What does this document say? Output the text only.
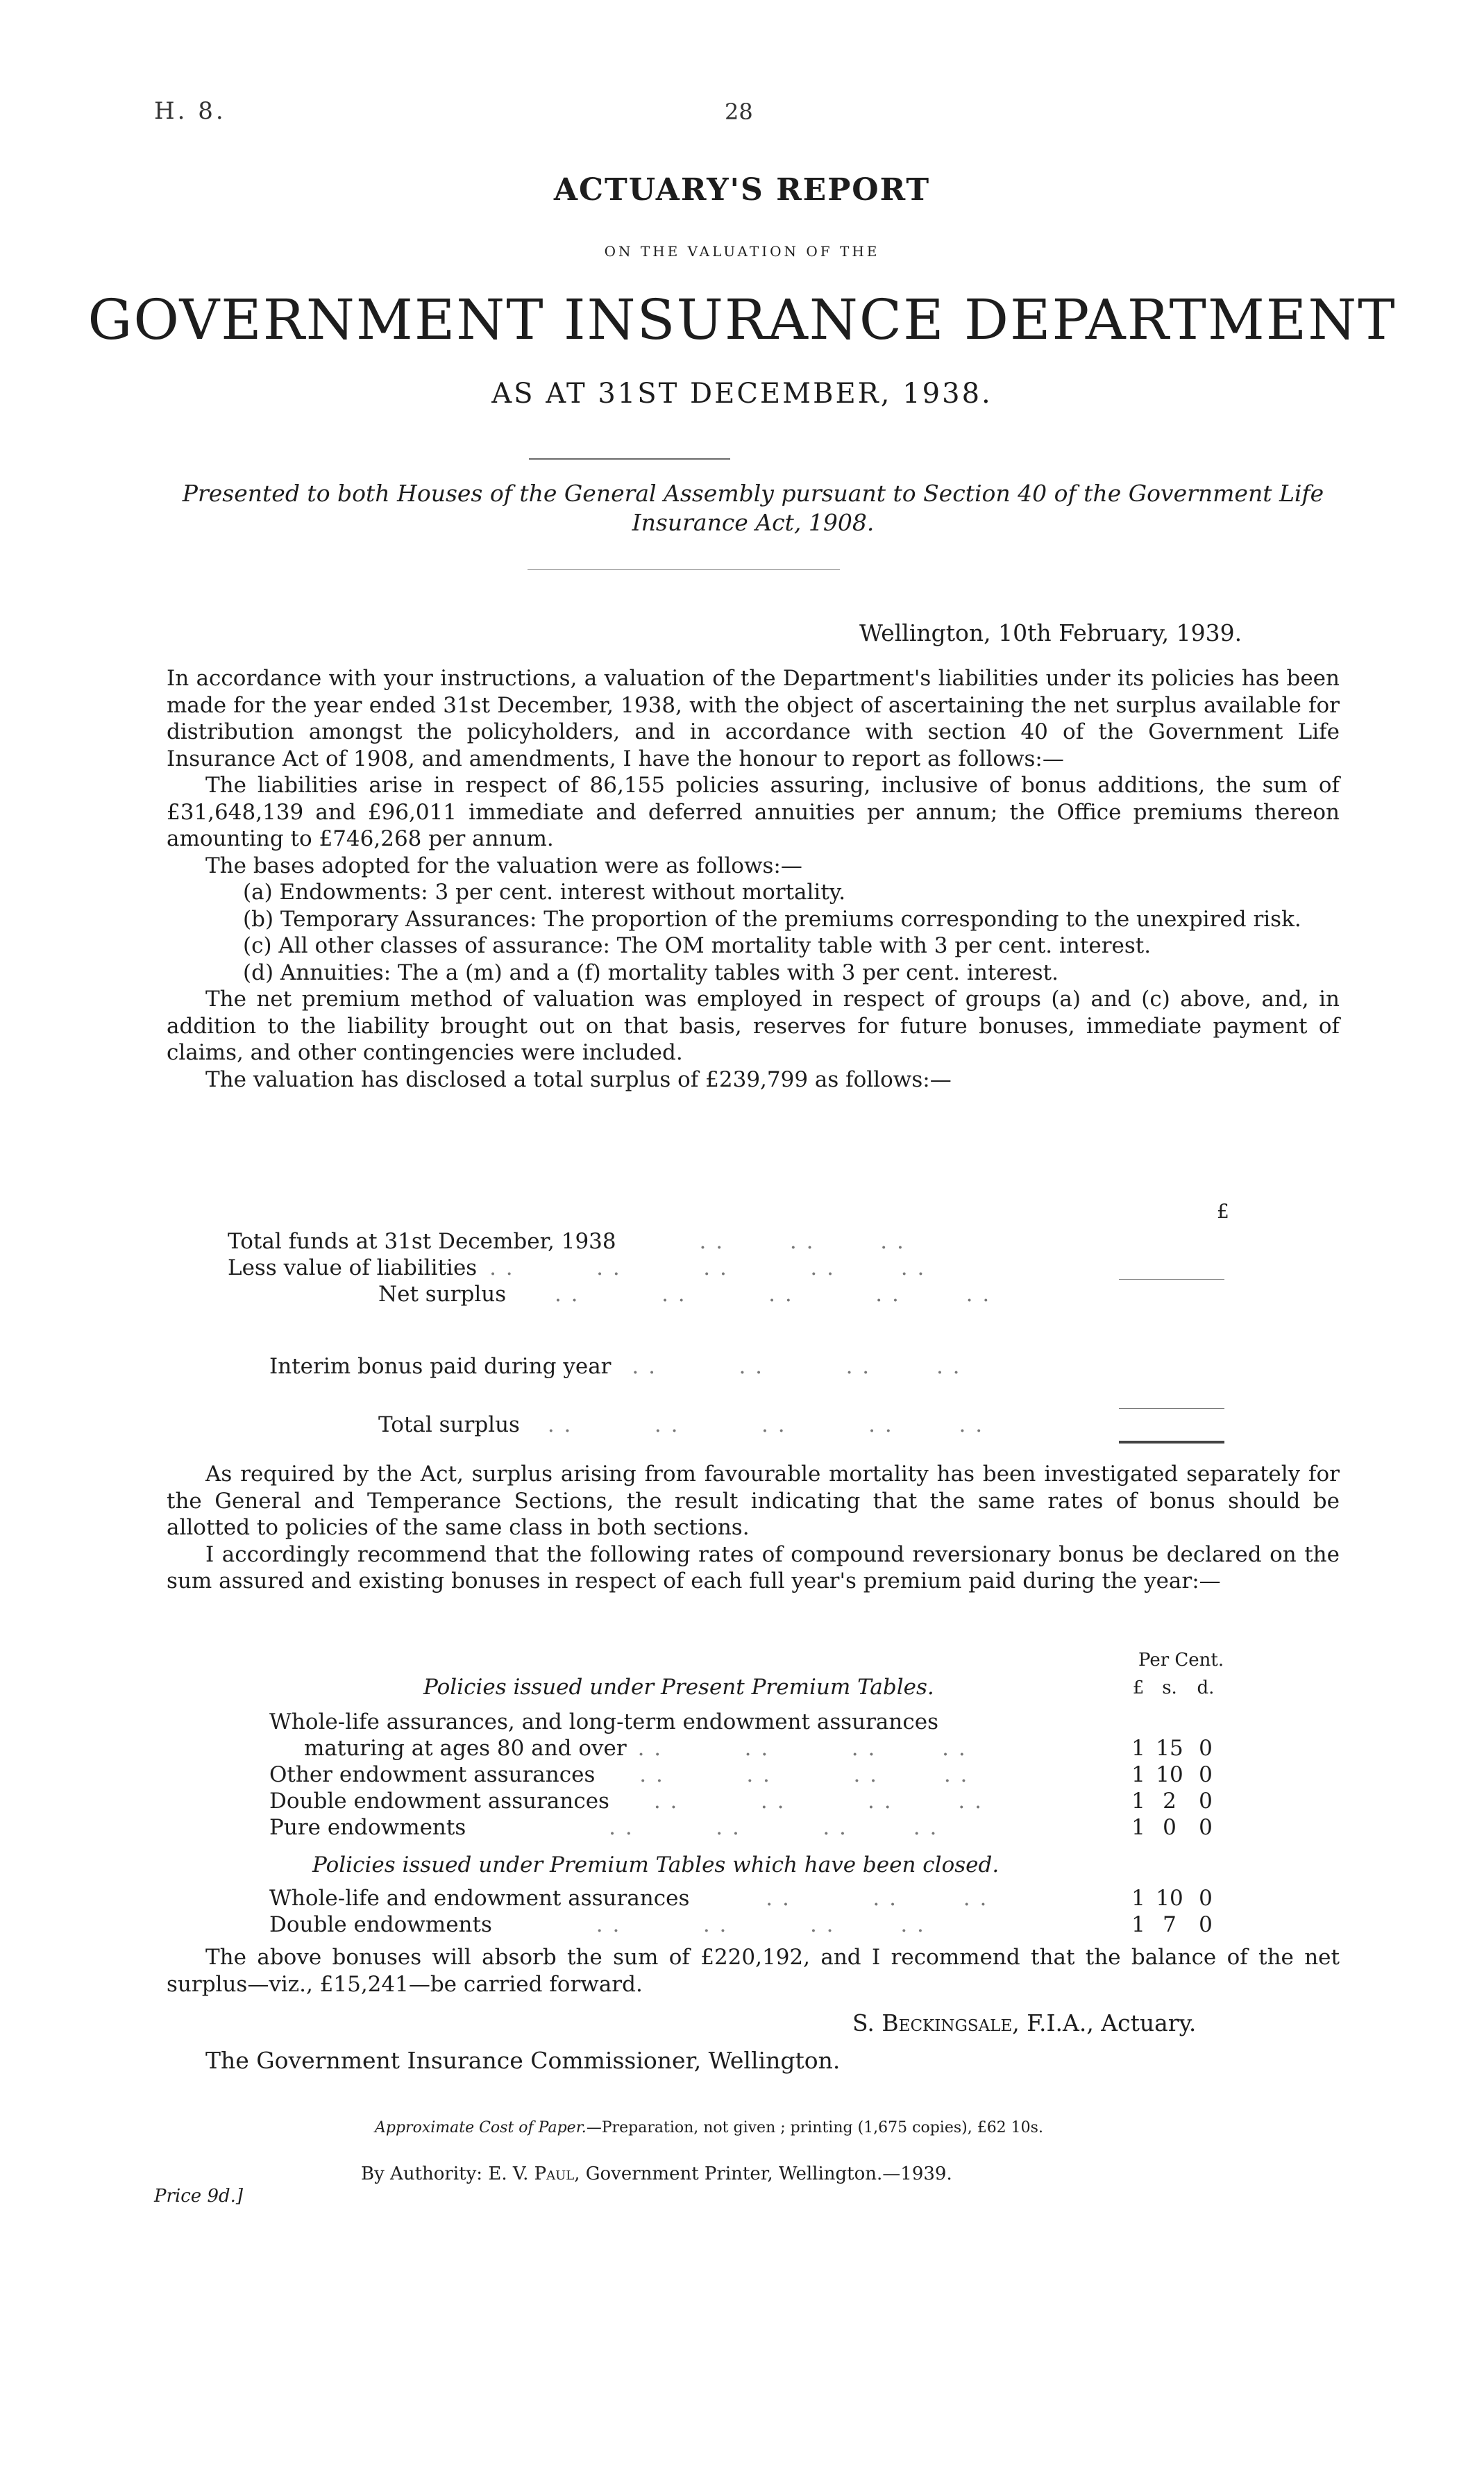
H. 8.	28
ACTUARY'S REPORT
ON THE VALUATION OF THE
GOVERNMENT INSURANCE DEPARTMENT
AS AT 31ST DECEMBER, 1938.
Presented to both Houses of the General Assembly pursuant to Section 40 of the Government Life Insurance Act, 1908.
Wellington, 10th February, 1939.

In accordance with your instructions, a valuation of the Department's liabilities under its policies has been made for the year ended 31st December, 1938, with the object of ascertaining the net surplus available for distribution amongst the policyholders, and in accordance with section 40 of the Government Life Insurance Act of 1908, and amendments, I have the honour to report as follows:—

The liabilities arise in respect of 86,155 policies assuring, inclusive of bonus additions, the sum of £31,648,139 and £96,011 immediate and deferred annuities per annum; the Office premiums thereon amounting to £746,268 per annum.

The bases adopted for the valuation were as follows:—

(a) Endowments: 3 per cent. interest without mortality.

(b) Temporary Assurances: The proportion of the premiums corresponding to the unexpired risk.

(c) All other classes of assurance: The OM mortality table with 3 per cent. interest.

(d) Annuities: The a (m) and a (f) mortality tables with 3 per cent. interest.

The net premium method of valuation was employed in respect of groups (a) and (c) above, and, in addition to the liability brought out on that basis, reserves for future bonuses, immediate payment of claims, and other contingencies were included.

The valuation has disclosed a total surplus of £239,799 as follows:—

£
Total funds at 31st December, 1938	. .        . .        . .
Less value of liabilities . .          . .          . .          . .        . .
Net surplus . .          . .          . .          . .        . .
Interim bonus paid during year . .          . .          . .        . .
Total surplus . .          . .          . .          . .        . .

As required by the Act, surplus arising from favourable mortality has been investigated separately for the General and Temperance Sections, the result indicating that the same rates of bonus should be allotted to policies of the same class in both sections.

I accordingly recommend that the following rates of compound reversionary bonus be declared on the sum assured and existing bonuses in respect of each full year's premium paid during the year:—

Per Cent.
Policies issued under Present Premium Tables.	£ s.	d.
Whole-life assurances, and long-term endowment assurances
maturing at ages 80 and over . .          . .          . .        . .	1 15 0
Other endowment assurances . .          . .          . .        . .	1 10 0
Double endowment assurances . .          . .          . .        . .	1 2	0
Pure endowments	. .          . .          . .        . .	1 0	0
Policies issued under Premium Tables which have been closed.
Whole-life and endowment assurances	. .          . .        . .	1 10 0
Double endowments	. .          . .          . .        . .	1 7	0

The above bonuses will absorb the sum of £220,192, and I recommend that the balance of the net surplus—viz., £15,241—be carried forward.

S. Beckingsale, F.I.A., Actuary.
The Government Insurance Commissioner, Wellington.
Approximate Cost of Paper.—Preparation, not given ; printing (1,675 copies), £62 10s.
By Authority: E. V. Paul, Government Printer, Wellington.—1939.
Price 9d.]
